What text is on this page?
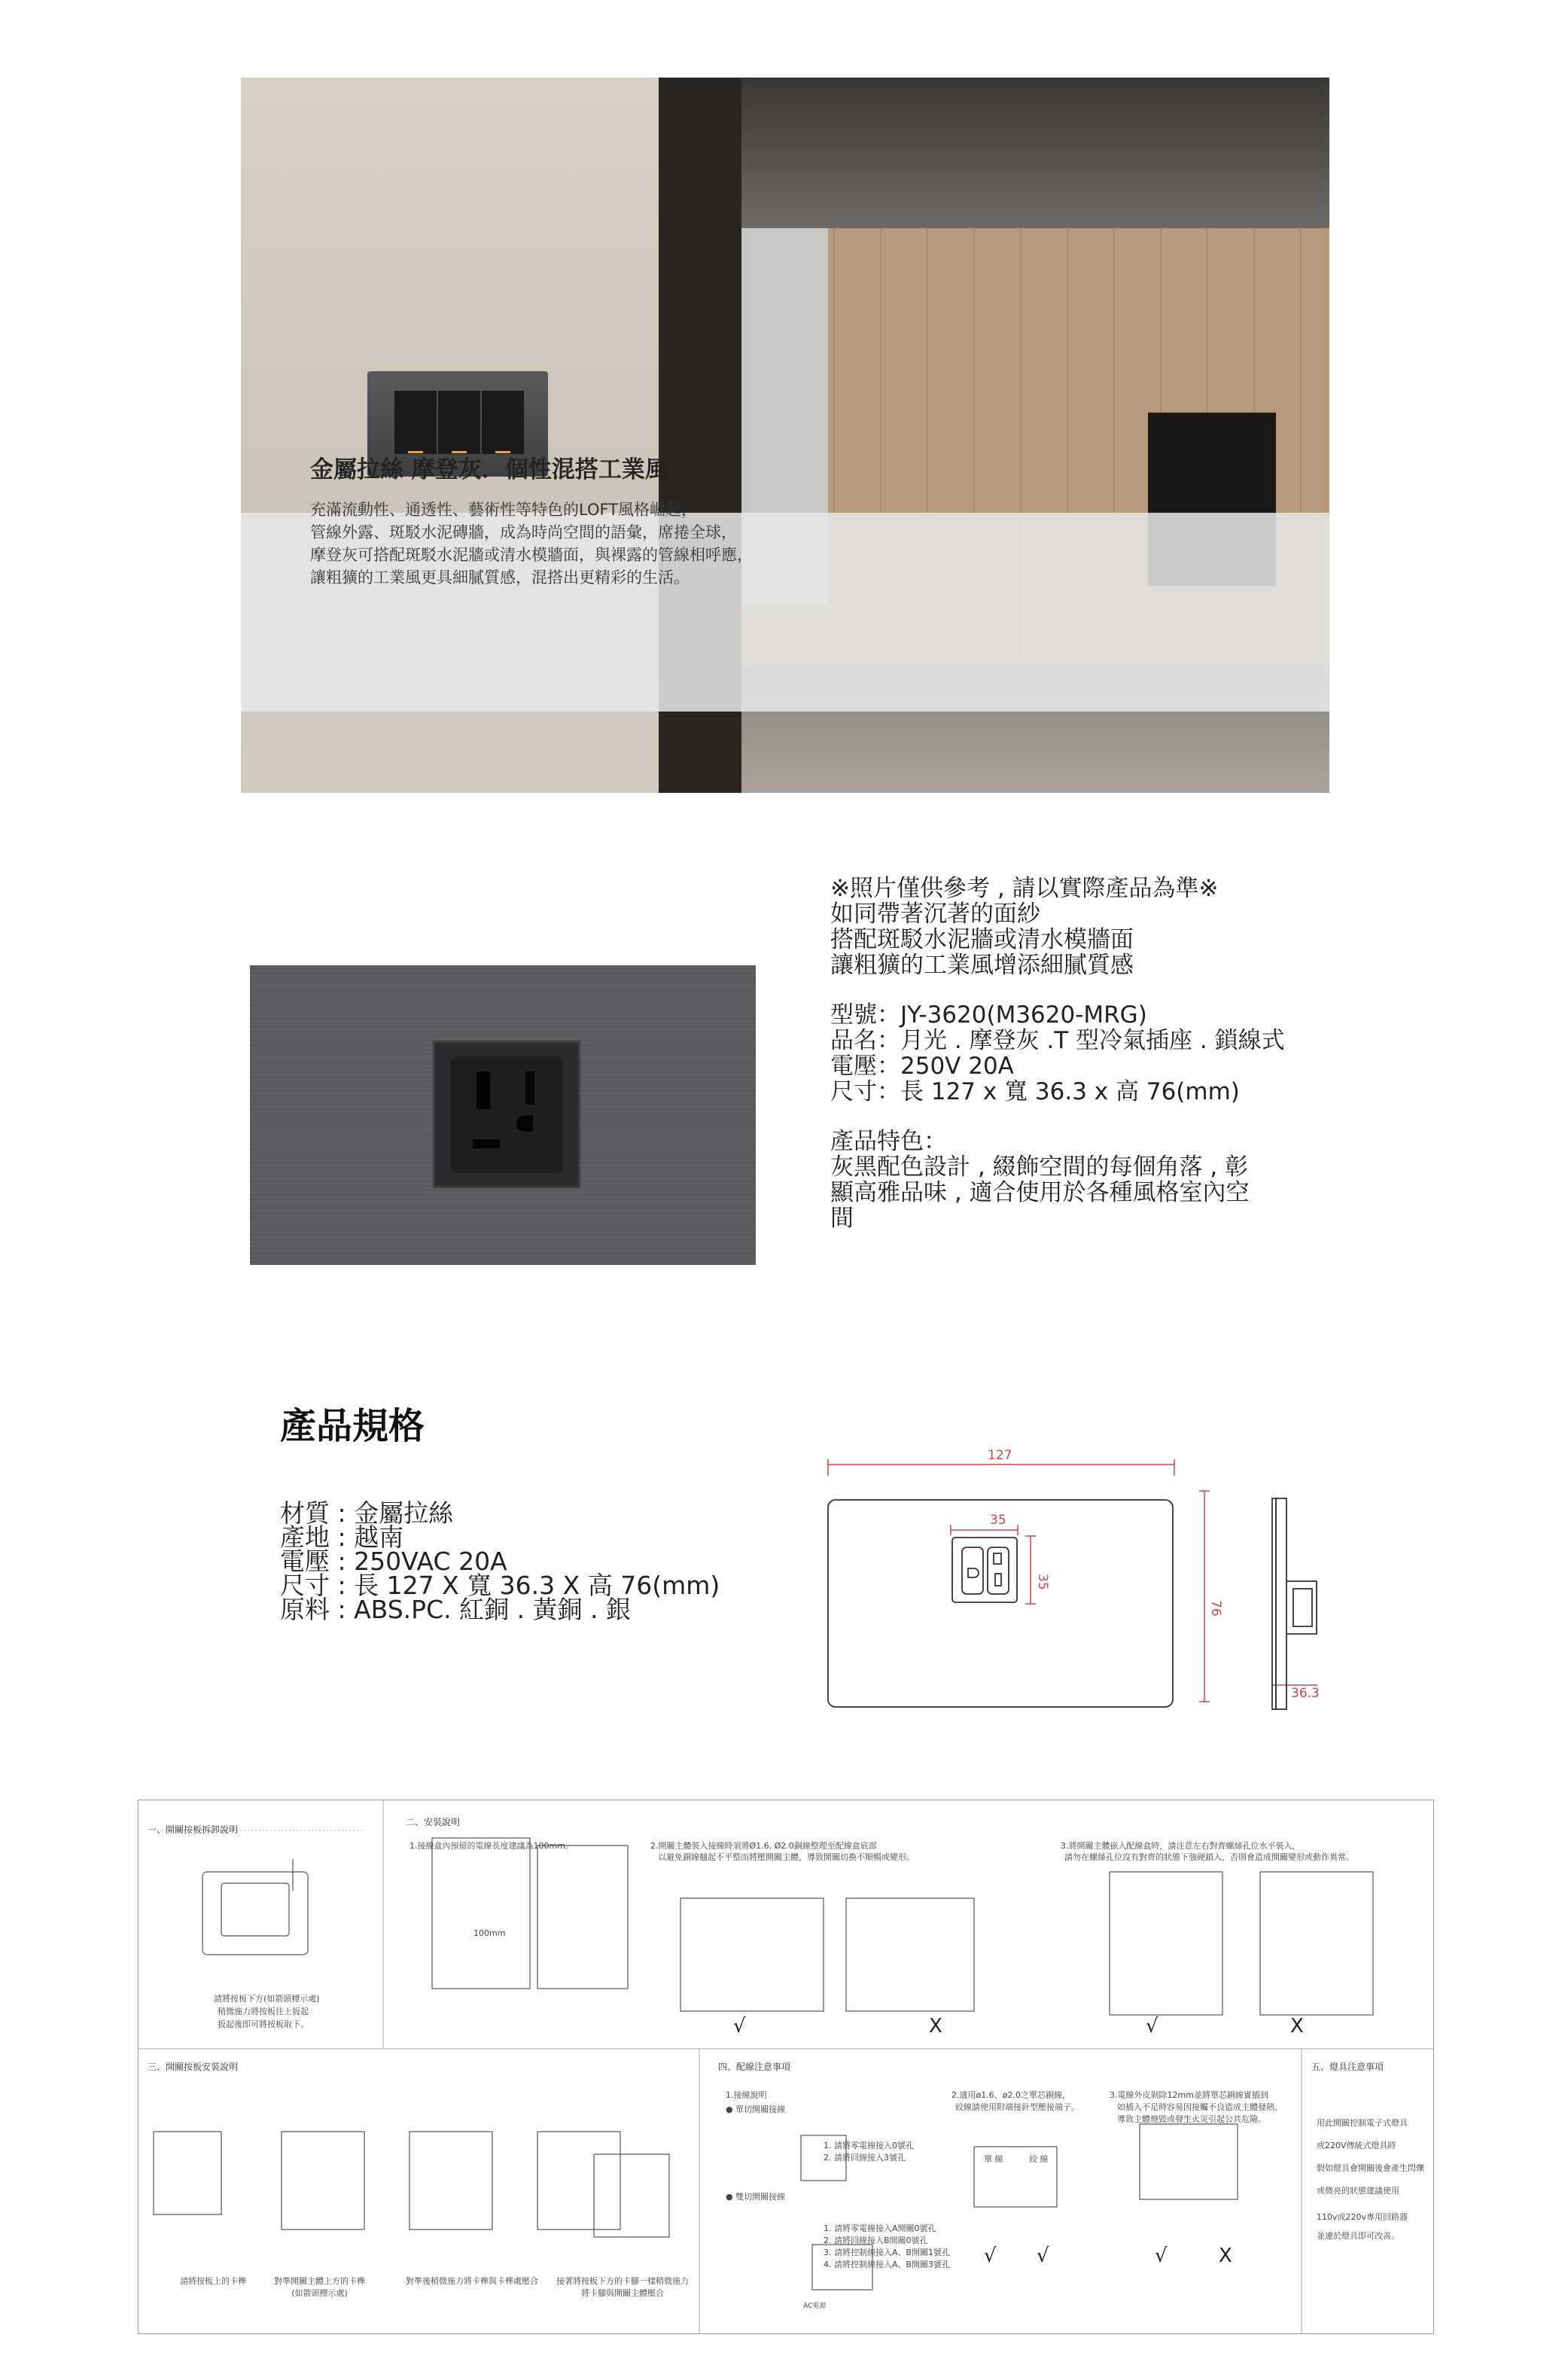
金屬拉絲 摩登灰．個性混搭工業風
充滿流動性、通透性、藝術性等特色的LOFT風格崛起，
管線外露、斑駁水泥磚牆，成為時尚空間的語彙，席捲全球，
摩登灰可搭配斑駁水泥牆或清水模牆面，與裸露的管線相呼應，
讓粗獷的工業風更具細膩質感，混搭出更精彩的生活。
※照片僅供參考 , 請以實際產品為準※
如同帶著沉著的面紗
搭配斑駁水泥牆或清水模牆面
讓粗獷的工業風增添細膩質感
型號：JY-3620(M3620-MRG)
品名：月光 . 摩登灰 .T 型冷氣插座 . 鎖線式
電壓：250V 20A
尺寸：長 127 x 寬 36.3 x 高 76(mm)
產品特色：
灰黑配色設計 , 綴飾空間的每個角落 , 彰
顯高雅品味 , 適合使用於各種風格室內空
間
產品規格
材質 : 金屬拉絲
產地 : 越南
電壓 : 250VAC 20A
尺寸 : 長 127 X 寬 36.3 X 高 76(mm)
原料 : ABS.PC. 紅銅 . 黃銅 . 銀
127
35
35
76
36.3
一、開關按板拆卸說明
請將按板下方(如箭頭標示處)
稍微施力將按板往上扳起
扳起後即可將按板取下。
二、安裝說明
1.接線盒內預留的電線長度建議為100mm。
100mm
2.開關主體裝入接線時須將Ø1.6, Ø2.0銅線整理至配線盒底部
以避免銅線翹起不平整而將壓開關主體，導致開關切換不順暢或變形。
3.將開關主體嵌入配線盒時，請注意左右對齊螺絲孔位水平裝入，
請勿在螺絲孔位沒有對齊的狀態下強硬鎖入，否則會造成開關變形或動作異常。
√	X	√	X
三、開關按板安裝說明
請將按板上的卡榫	對準開關主體上方的卡榫
(如箭頭標示處)
對準後稍微施力將卡榫與卡榫處壓合 接著將按板下方的卡腳一樣稍微施力
將卡腳與開關主體壓合
四、配線注意事項
1.接線說明
● 單切開關接線
1. 請將零電線接入0號孔
2. 請將回線接入3號孔
● 雙切開關接線
1. 請將零電線接入A開關0號孔
2. 請將回線接入B開關0號孔
3. 請將控制線接入A、B開關1號孔
4. 請將控制線接入A、B開關3號孔
AC電源
2.適用ø1.6、ø2.0之單芯銅線，
絞線請使用附端接針型壓接端子。
單 線	絞 線
√ √
3.電線外皮剝除12mm並將單芯銅線實插到
如插入不足時容易因接觸不良造成主體發熱、
導致主體燒毀或發生火災引起公共危險。
√	X
五、燈具注意事項
用此開關控制電子式燈具
或220V傳統式燈具時
假如燈具會開關後會產生閃爍
或微亮的狀態建議使用
110v或220v專用回路器
並連於燈具即可改善。
